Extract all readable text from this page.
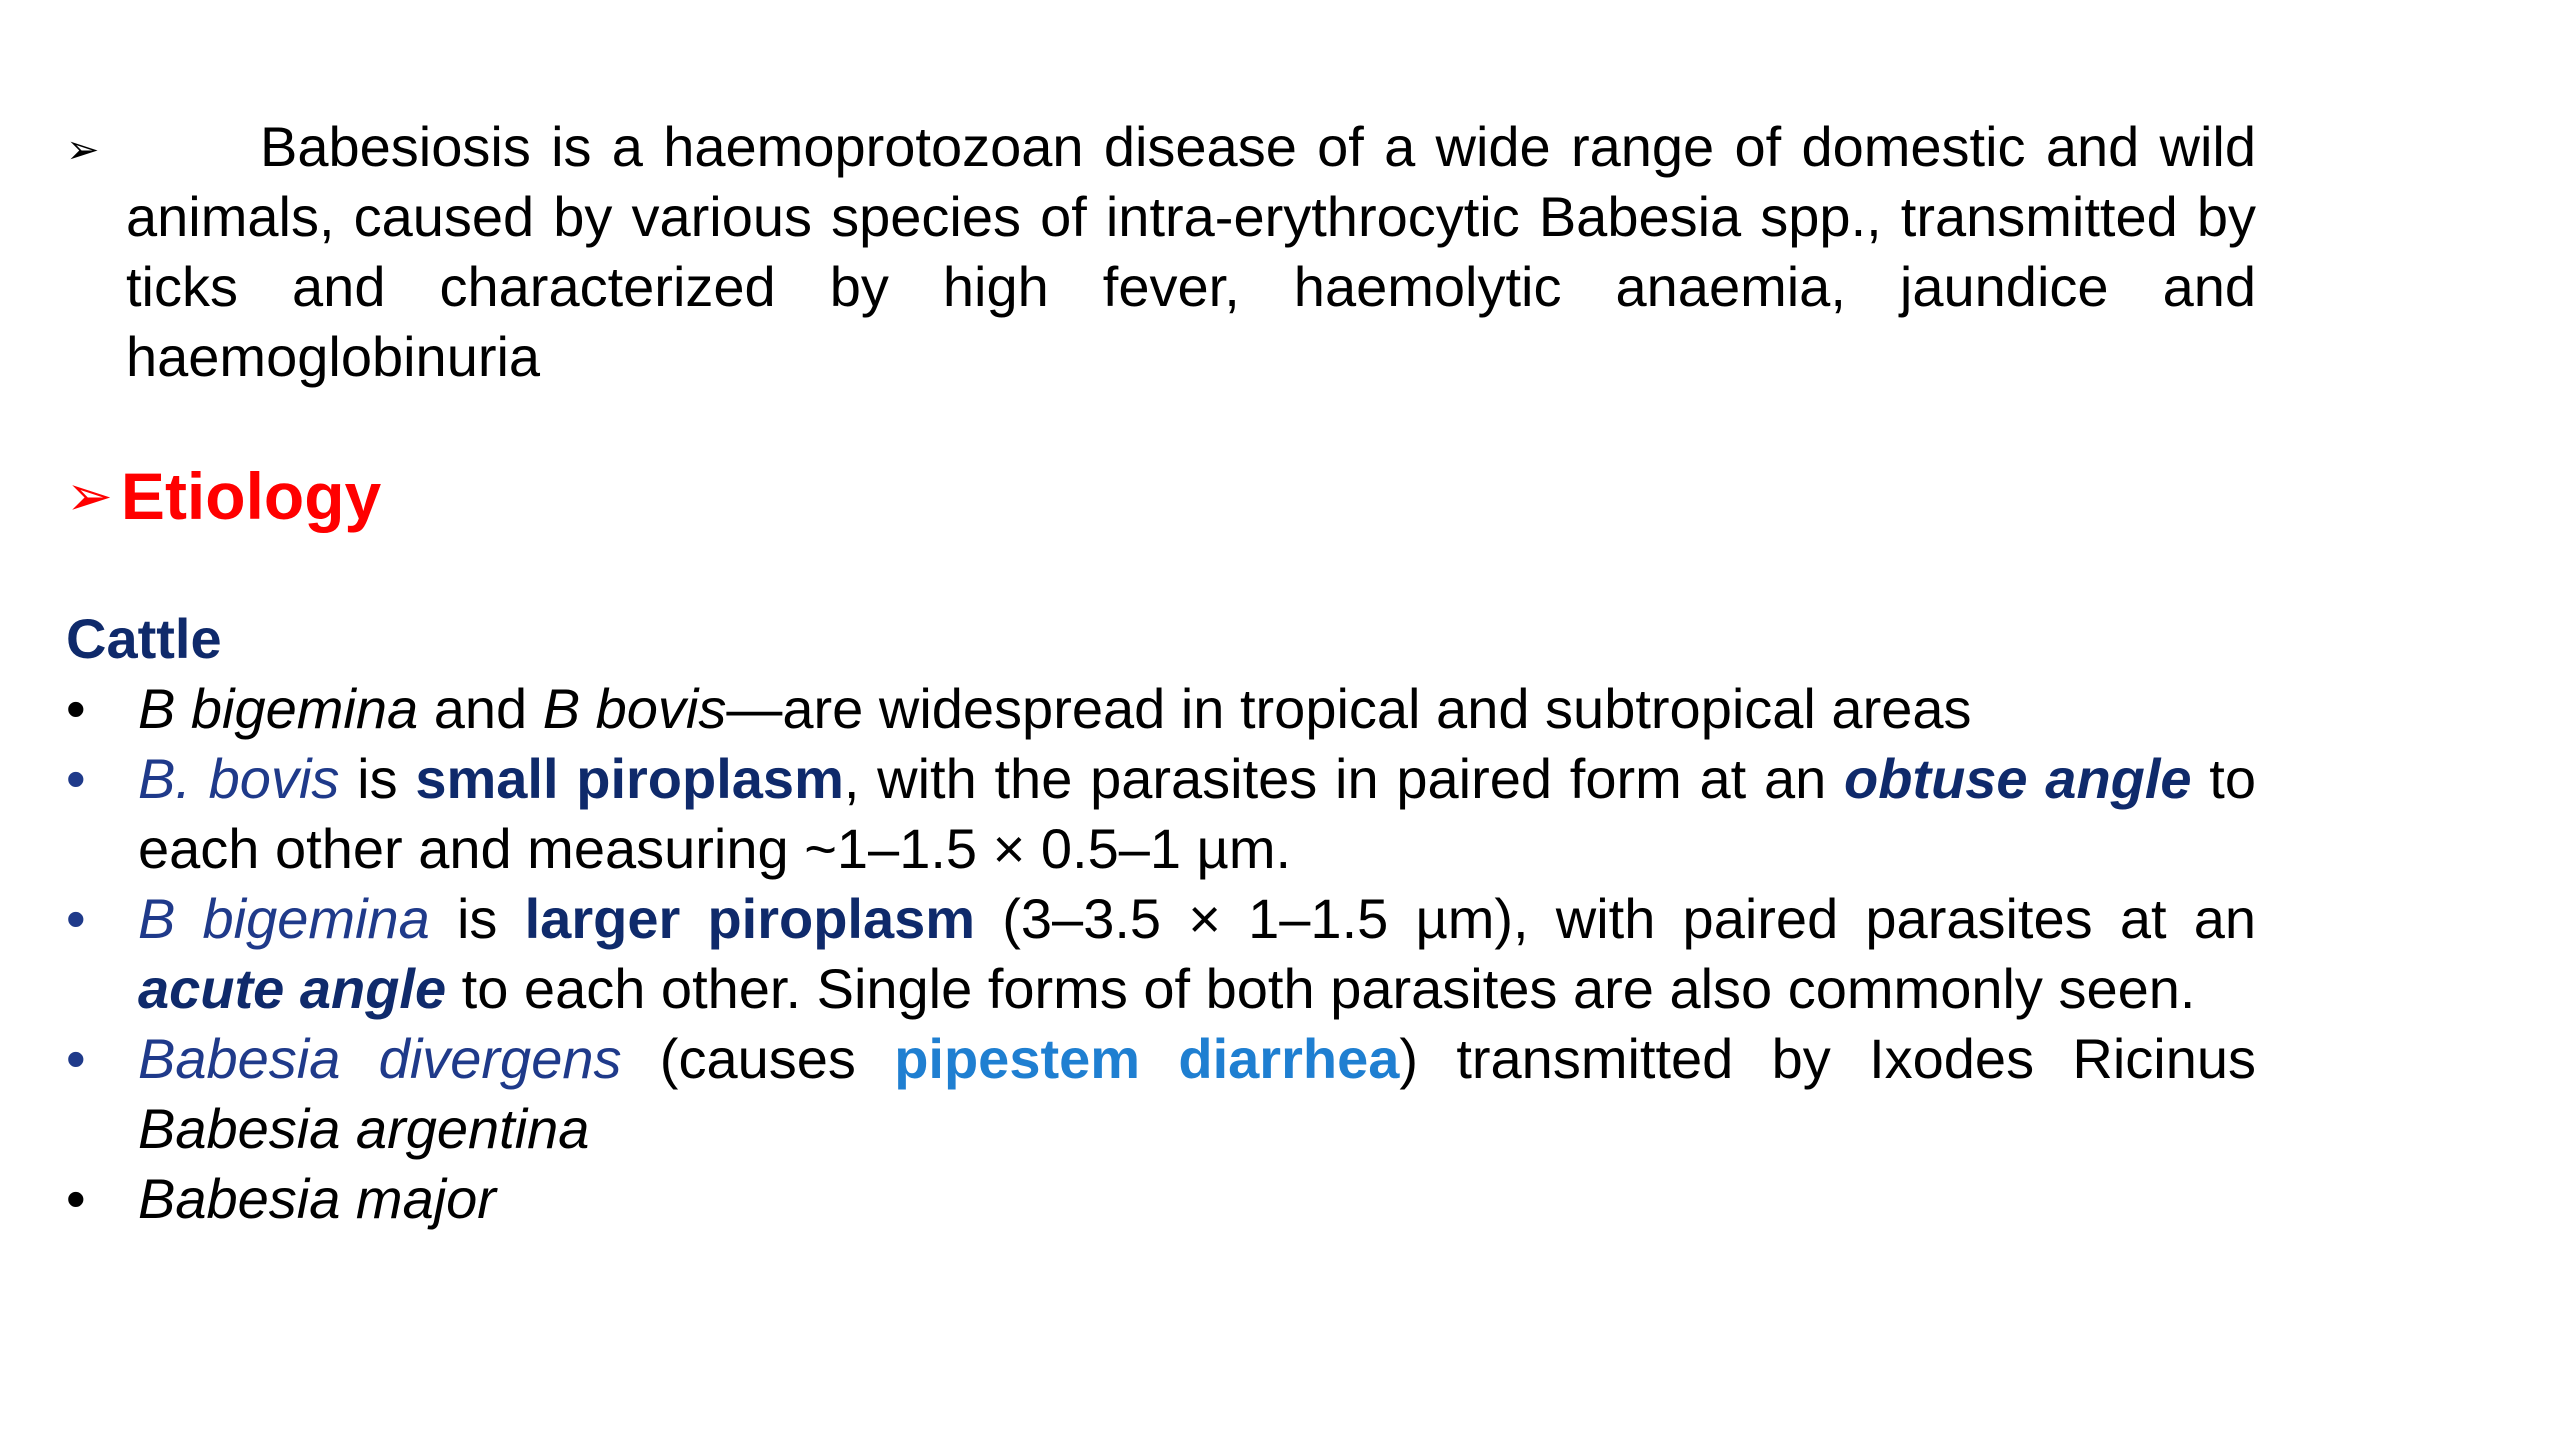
➢	Babesiosis is a haemoprotozoan disease of a wide range of domestic and wild animals, caused by various species of intra-erythrocytic Babesia spp., transmitted by ticks and characterized by high fever, haemolytic anaemia, jaundice and haemoglobinuria
➢ Etiology
Cattle
• B bigemina and B bovis—are widespread in tropical and subtropical areas
• B. bovis is small piroplasm, with the parasites in paired form at an obtuse angle to each other and measuring ~1–1.5 × 0.5–1 µm.
• B bigemina is larger piroplasm (3–3.5 × 1–1.5 µm), with paired parasites at an acute angle to each other. Single forms of both parasites are also commonly seen.
• Babesia divergens (causes pipestem diarrhea) transmitted by Ixodes Ricinus Babesia argentina
• Babesia major
